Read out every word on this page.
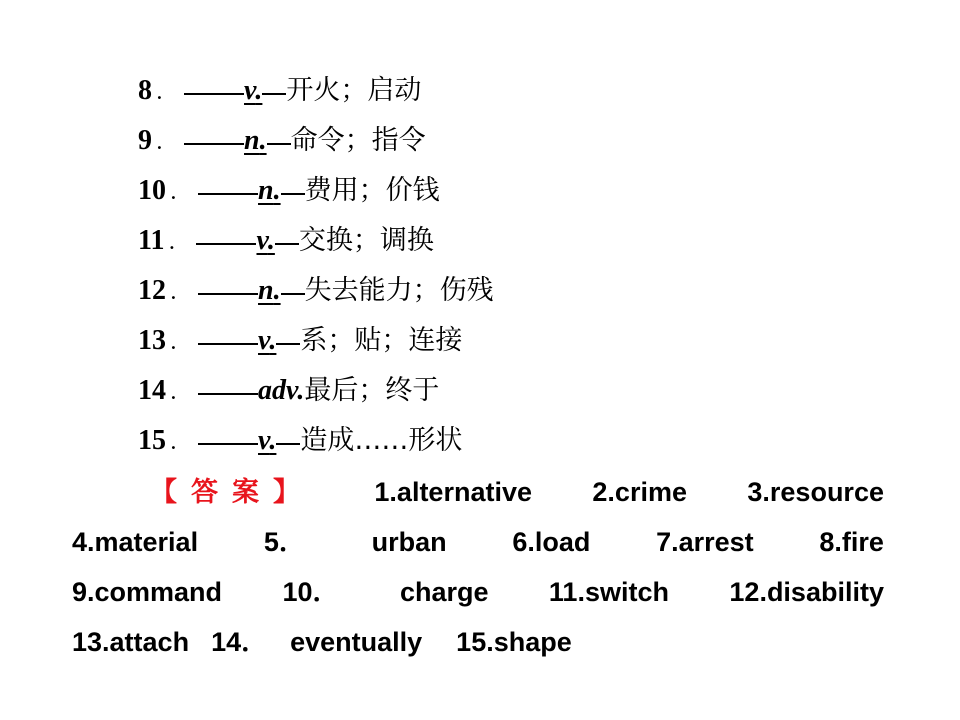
8 ． v. 开火；启动
9 ． n. 命令；指令
10 ． n. 费用；价钱
11 ． v. 交换；调换
12 ． n. 失去能力；伤残
13 ． v. 系；贴；连接
14 ． adv. 最后；终于
15 ． v. 造成……形状
【答案】 1.alternative 2.crime 3.resource
4.material 5． urban 6.load 7.arrest 8.fire
9.command 10． charge 11.switch 12.disability
13.attach 14． eventually 15.shape
